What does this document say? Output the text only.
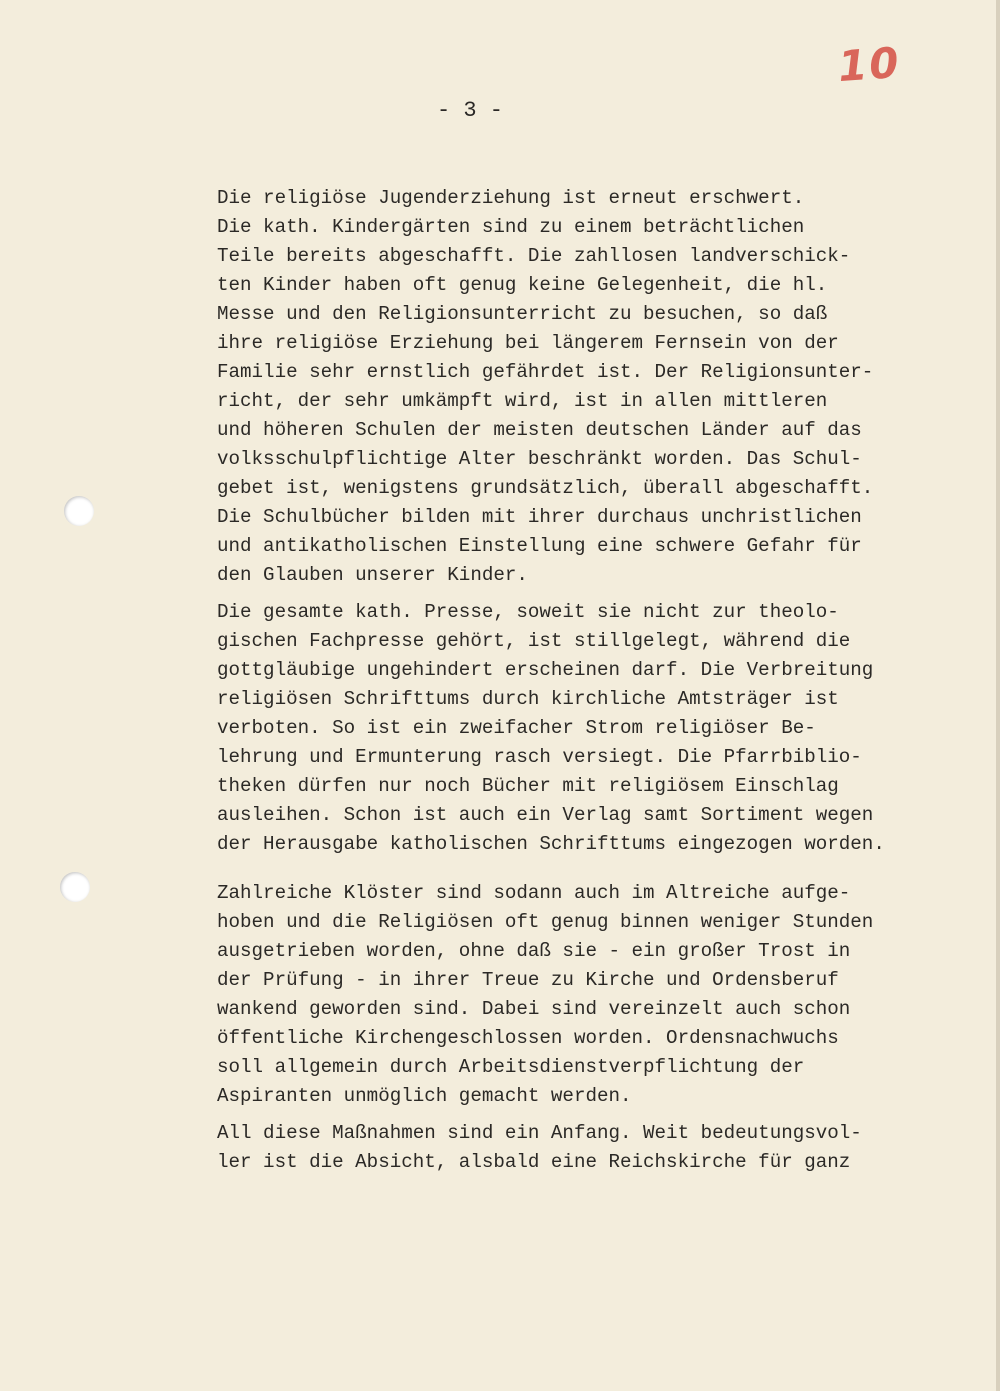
10
- 3 -
Die religiöse Jugenderziehung ist erneut erschwert.
Die kath. Kindergärten sind zu einem beträchtlichen
Teile bereits abgeschafft. Die zahllosen landverschick-
ten Kinder haben oft genug keine Gelegenheit, die hl.
Messe und den Religionsunterricht zu besuchen, so daß
ihre religiöse Erziehung bei längerem Fernsein von der
Familie sehr ernstlich gefährdet ist. Der Religionsunter-
richt, der sehr umkämpft wird, ist in allen mittleren
und höheren Schulen der meisten deutschen Länder auf das
volksschulpflichtige Alter beschränkt worden. Das Schul-
gebet ist, wenigstens grundsätzlich, überall abgeschafft.
Die Schulbücher bilden mit ihrer durchaus unchristlichen
und antikatholischen Einstellung eine schwere Gefahr für
den Glauben unserer Kinder.
Die gesamte kath. Presse, soweit sie nicht zur theolo-
gischen Fachpresse gehört, ist stillgelegt, während die
gottgläubige ungehindert erscheinen darf. Die Verbreitung
religiösen Schrifttums durch kirchliche Amtsträger ist
verboten. So ist ein zweifacher Strom religiöser Be-
lehrung und Ermunterung rasch versiegt. Die Pfarrbiblio-
theken dürfen nur noch Bücher mit religiösem Einschlag
ausleihen. Schon ist auch ein Verlag samt Sortiment wegen
der Herausgabe katholischen Schrifttums eingezogen worden.
Zahlreiche Klöster sind sodann auch im Altreiche aufge-
hoben und die Religiösen oft genug binnen weniger Stunden
ausgetrieben worden, ohne daß sie - ein großer Trost in
der Prüfung - in ihrer Treue zu Kirche und Ordensberuf
wankend geworden sind. Dabei sind vereinzelt auch schon
öffentliche Kirchengeschlossen worden. Ordensnachwuchs
soll allgemein durch Arbeitsdienstverpflichtung der
Aspiranten unmöglich gemacht werden.
All diese Maßnahmen sind ein Anfang. Weit bedeutungsvol-
ler ist die Absicht, alsbald eine Reichskirche für ganz
